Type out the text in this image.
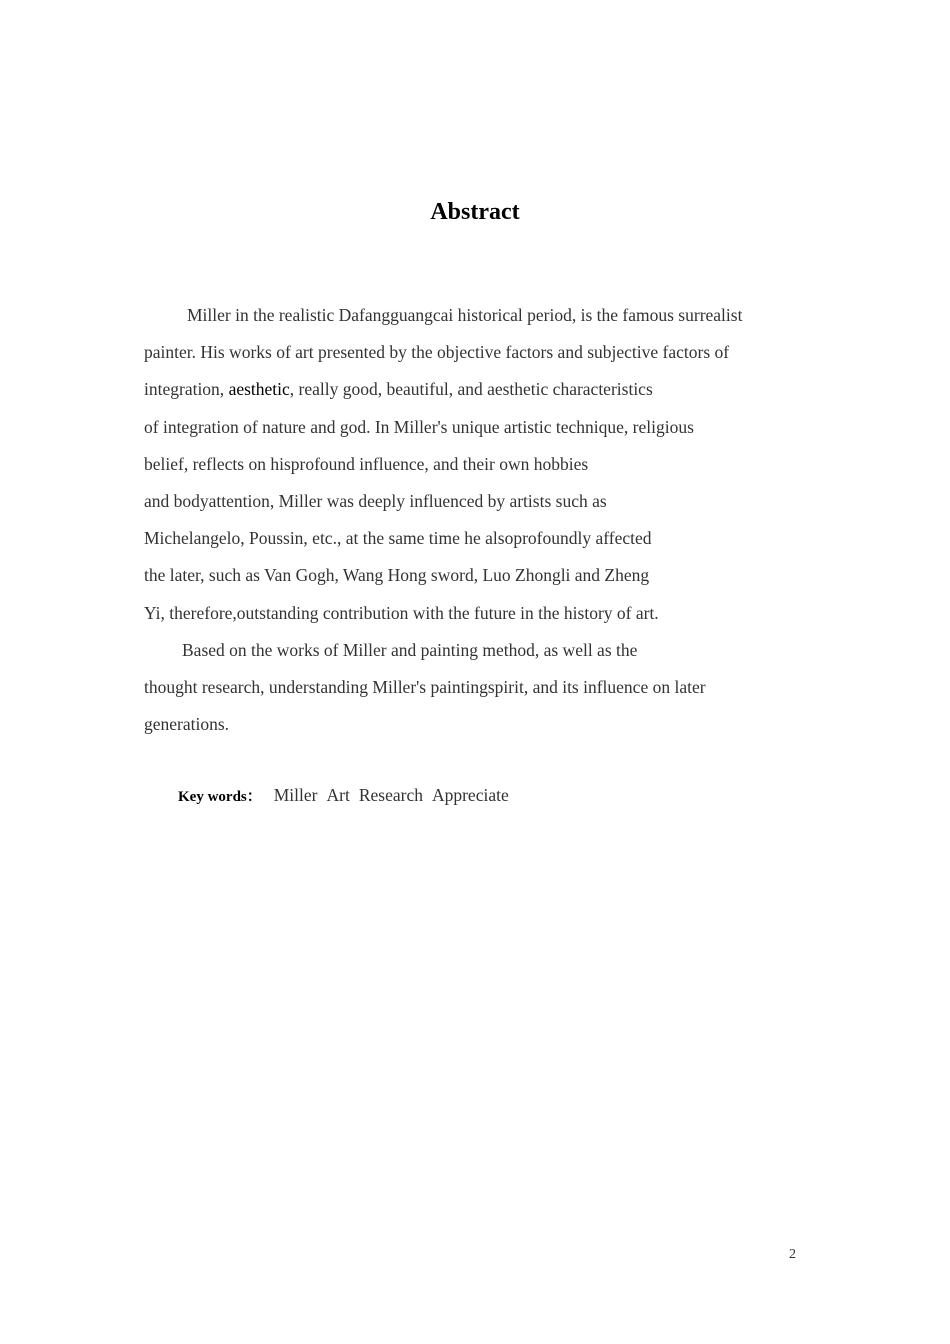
Abstract

Miller in the realistic Dafangguangcai historical period, is the famous surrealist
painter. His works of art presented by the objective factors and subjective factors of
integration, aesthetic, really good, beautiful, and aesthetic characteristics
of integration of nature and god. In Miller's unique artistic technique, religious
belief, reflects on hisprofound influence, and their own hobbies
and bodyattention, Miller was deeply influenced by artists such as
Michelangelo, Poussin, etc., at the same time he alsoprofoundly affected
the later, such as Van Gogh, Wang Hong sword, Luo Zhongli and Zheng
Yi, therefore,outstanding contribution with the future in the history of art.

Based on the works of Miller and painting method, as well as the
thought research, understanding Miller's paintingspirit, and its influence on later
generations.

Key words： Miller Art Research Appreciate
2
